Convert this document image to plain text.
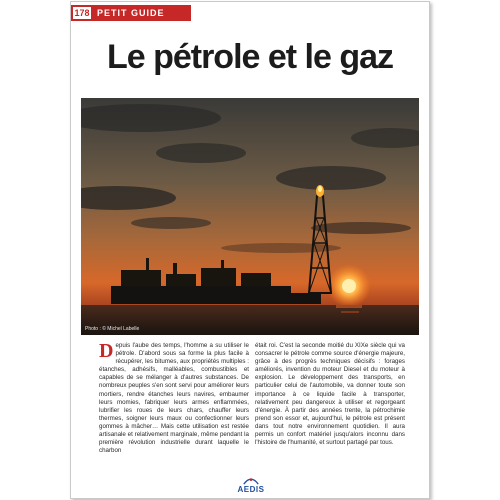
178 PETIT GUIDE
Le pétrole et le gaz
Photo : © Michel Labelle
D epuis l'aube des temps, l'homme a su utiliser le pétrole. D'abord sous sa forme la plus facile à récupérer, les bitumes, aux propriétés multiples : étanches, adhésifs, malléables, combustibles et capables de se mélanger à d'autres substances. De nombreux peuples s'en sont servi pour améliorer leurs mortiers, rendre étanches leurs navires, embaumer leurs momies, fabriquer leurs armes enflammées, lubrifier les roues de leurs chars, chauffer leurs thermes, soigner leurs maux ou confectionner leurs gommes à mâcher… Mais cette utilisation est restée artisanale et relativement marginale, même pendant la première révolution industrielle durant laquelle le charbon

était roi. C'est la seconde moitié du XIXe siècle qui va consacrer le pétrole comme source d'énergie majeure, grâce à des progrès techniques décisifs : forages améliorés, invention du moteur Diesel et du moteur à explosion. Le développement des transports, en particulier celui de l'automobile, va donner toute son importance à ce liquide facile à transporter, relativement peu dangereux à utiliser et regorgeant d'énergie. À partir des années trente, la pétrochimie prend son essor et, aujourd'hui, le pétrole est présent dans tout notre environnement quotidien. Il aura permis un confort matériel jusqu'alors inconnu dans l'histoire de l'humanité, et surtout partagé par tous.

AEDIS
